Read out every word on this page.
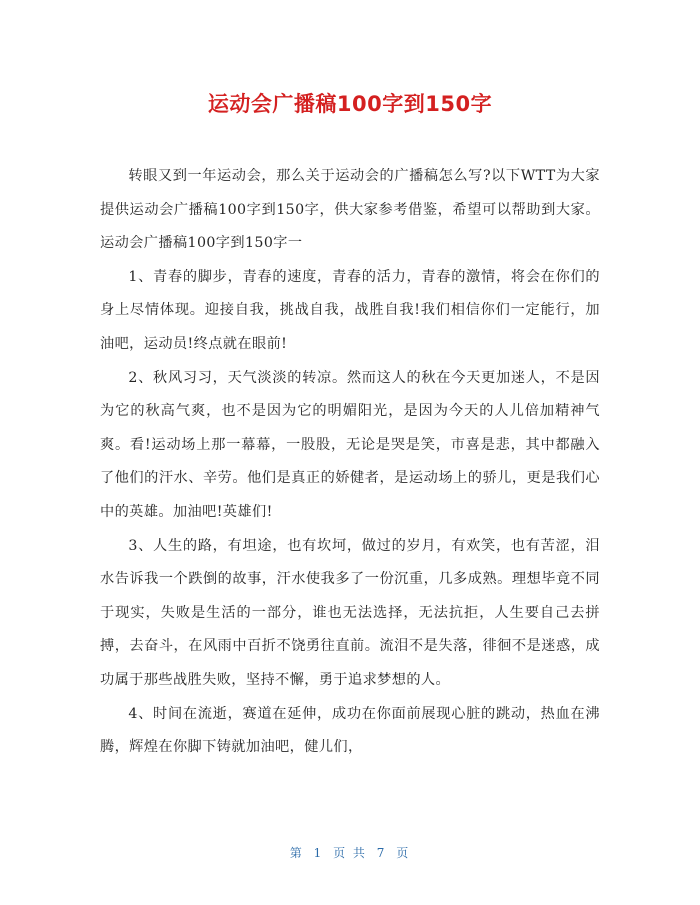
运动会广播稿100字到150字

转眼又到一年运动会，那么关于运动会的广播稿怎么写?以下WTT为大家提供运动会广播稿100字到150字，供大家参考借鉴，希望可以帮助到大家。运动会广播稿100字到150字一

1、青春的脚步，青春的速度，青春的活力，青春的激情，将会在你们的身上尽情体现。迎接自我，挑战自我，战胜自我!我们相信你们一定能行，加油吧，运动员!终点就在眼前!

2、秋风习习，天气淡淡的转凉。然而这人的秋在今天更加迷人，不是因为它的秋高气爽，也不是因为它的明媚阳光，是因为今天的人儿倍加精神气爽。看!运动场上那一幕幕，一股股，无论是哭是笑，市喜是悲，其中都融入了他们的汗水、辛劳。他们是真正的娇健者，是运动场上的骄儿，更是我们心中的英雄。加油吧!英雄们!

3、人生的路，有坦途，也有坎坷，做过的岁月，有欢笑，也有苦涩，泪水告诉我一个跌倒的故事，汗水使我多了一份沉重，几多成熟。理想毕竟不同于现实，失败是生活的一部分，谁也无法选择，无法抗拒，人生要自己去拼搏，去奋斗，在风雨中百折不饶勇往直前。流泪不是失落，徘徊不是迷惑，成功属于那些战胜失败，坚持不懈，勇于追求梦想的人。

4、时间在流逝，赛道在延伸，成功在你面前展现心脏的跳动，热血在沸腾，辉煌在你脚下铸就加油吧，健儿们，

第 1 页 共 7 页
